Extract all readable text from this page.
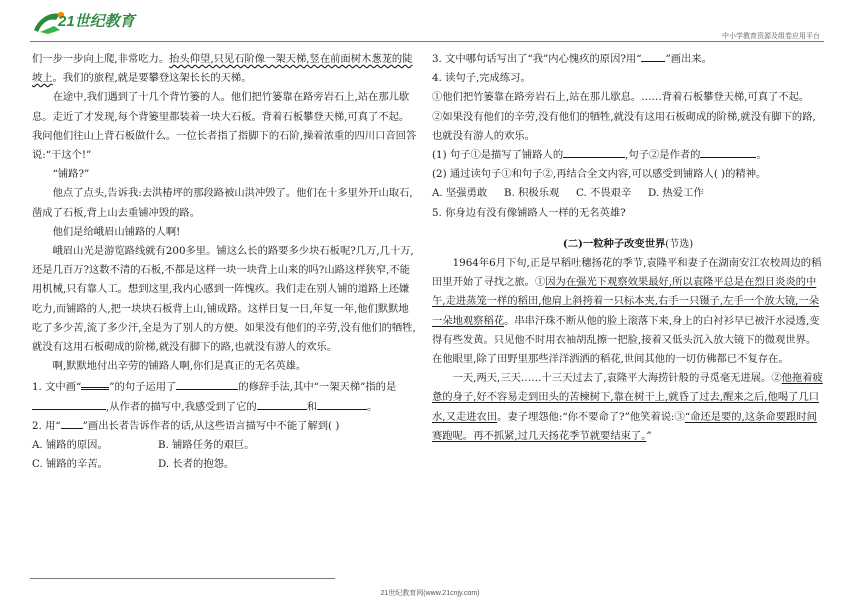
21世纪教育
中小学教育资源及组卷应用平台

们一步一步向上爬,非常吃力。抬头仰望,只见石阶像一架天梯,竖在前面树木葱茏的陡坡上。我们的旅程,就是要攀登这架长长的天梯。

在途中,我们遇到了十几个背竹篓的人。他们把竹篓靠在路旁岩石上,站在那儿歇息。走近了才发现,每个背篓里都装着一块大石板。背着石板攀登天梯,可真了不起。

我问他们往山上背石板做什么。一位长者指了指脚下的石阶,操着浓重的四川口音回答说:“干这个!”

“铺路?”

他点了点头,告诉我:去洪椿坪的那段路被山洪冲毁了。他们在十多里外开山取石,凿成了石板,背上山去重铺冲毁的路。

他们是给峨眉山铺路的人啊!

峨眉山光是游览路线就有200多里。铺这么长的路要多少块石板呢?几万,几十万,还是几百万?这数不清的石板,不都是这样一块一块背上山来的吗?山路这样狭窄,不能用机械,只有靠人工。想到这里,我内心感到一阵愧疚。我们走在别人铺的道路上还嫌吃力,而铺路的人,把一块块石板背上山,铺成路。这样日复一日,年复一年,他们默默地吃了多少苦,流了多少汗,全是为了别人的方便。如果没有他们的辛劳,没有他们的牺牲,就没有这用石板砌成的阶梯,就没有脚下的路,也就没有游人的欢乐。

啊,默默地付出辛劳的铺路人啊,你们是真正的无名英雄。

1. 文中画“	”的句子运用了	的修辞手法,其中“一架天梯”指的是,从作者的描写中,我感受到了它的	和	。

2. 用“ ”画出长者告诉作者的话,从这些语言描写中不能了解到( )

A. 铺路的原因。	B. 铺路任务的艰巨。
C. 铺路的辛苦。	D. 长者的抱怨。

3. 文中哪句话写出了“我”内心愧疚的原因?用“ ”画出来。

4. 读句子,完成练习。

①他们把竹篓靠在路旁岩石上,站在那儿歇息。……背着石板攀登天梯,可真了不起。

②如果没有他们的辛劳,没有他们的牺牲,就没有这用石板砌成的阶梯,就没有脚下的路,也就没有游人的欢乐。

(1) 句子①是描写了铺路人的	,句子②是作者的	。

(2) 通过读句子①和句子②,再结合全文内容,可以感受到铺路人( )的精神。

A. 坚强勇敢	B. 积极乐观	C. 不畏艰辛	D. 热爱工作

5. 你身边有没有像铺路人一样的无名英雄?

(二)一粒种子改变世界(节选)

1964年6月下旬,正是早稻吐穗扬花的季节,袁隆平和妻子在湖南安江农校周边的稻田里开始了寻找之旅。①因为在强光下观察效果最好,所以袁隆平总是在烈日炎炎的中午,走进蒸笼一样的稻田,他肩上斜挎着一只标本夹,右手一只镊子,左手一个放大镜,一朵一朵地观察稻花。串串汗珠不断从他的脸上滚落下来,身上的白衬衫早已被汗水浸透,变得有些发黄。只见他不时用衣袖胡乱擦一把脸,接着又低头沉入放大镜下的微观世界。在他眼里,除了田野里那些洋洋洒洒的稻花,世间其他的一切仿佛都已不复存在。

一天,两天,三天……十三天过去了,袁隆平大海捞针般的寻觅毫无进展。②他拖着疲惫的身子,好不容易走到田头的苦楝树下,靠在树干上,就昏了过去,醒来之后,他喝了几口水,又走进农田。妻子埋怨他:“你不要命了?”他笑着说:③“命还是要的,这条命要跟时间赛跑呢。再不抓紧,过几天扬花季节就要结束了。”

21世纪教育网(www.21cnjy.com)
